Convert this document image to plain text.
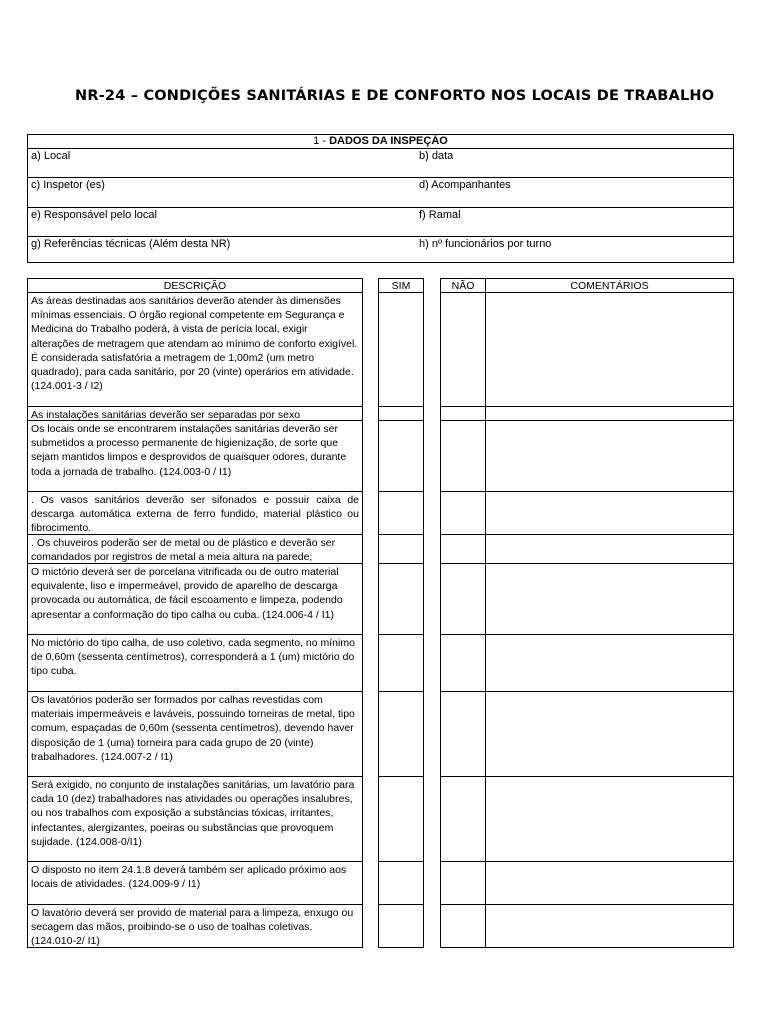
NR-24 – CONDIÇÕES SANITÁRIAS E DE CONFORTO NOS LOCAIS DE TRABALHO
1 - DADOS DA INSPEÇÃO
a) Local	b) data
c) Inspetor (es)	d) Acompanhantes
e) Responsável pelo local	f) Ramal
g) Referências técnicas (Além desta NR)	h) nº funcionários por turno
DESCRIÇÃO	SIM	NÃO	COMENTÁRIOS
As áreas destinadas aos sanitários deverão atender às dimensões mínimas essenciais. O órgão regional competente em Segurança e Medicina do Trabalho poderá, à vista de perícia local, exigir alterações de metragem que atendam ao mínimo de conforto exigível. É considerada satisfatória a metragem de 1,00m2 (um metro quadrado), para cada sanitário, por 20 (vinte) operários em atividade. (124.001-3 / I2)
As instalações sanitárias deverão ser separadas por sexo
Os locais onde se encontrarem instalações sanitárias deverão ser submetidos a processo permanente de higienização, de sorte que sejam mantidos limpos e desprovidos de quaisquer odores, durante toda a jornada de trabalho. (124.003-0 / I1)
. Os vasos sanitários deverão ser sifonados e possuir caixa de descarga automática externa de ferro fundido, material plástico ou fibrocimento.
. Os chuveiros poderão ser de metal ou de plástico e deverão ser comandados por registros de metal a meia altura na parede;
O mictório deverá ser de porcelana vitrificada ou de outro material equivalente, liso e impermeável, provido de aparelho de descarga provocada ou automática, de fácil escoamento e limpeza, podendo apresentar a conformação do tipo calha ou cuba. (124.006-4 / I1)
No mictório do tipo calha, de uso coletivo, cada segmento, no mínimo de 0,60m (sessenta centímetros), corresponderá a 1 (um) mictório do tipo cuba.
Os lavatórios poderão ser formados por calhas revestidas com materiais impermeáveis e laváveis, possuindo torneiras de metal, tipo comum, espaçadas de 0,60m (sessenta centímetros), devendo haver disposição de 1 (uma) torneira para cada grupo de 20 (vinte) trabalhadores. (124.007-2 / I1)
Será exigido, no conjunto de instalações sanitárias, um lavatório para cada 10 (dez) trabalhadores nas atividades ou operações insalubres, ou nos trabalhos com exposição a substâncias tóxicas, irritantes, infectantes, alergizantes, poeiras ou substâncias que provoquem sujidade. (124.008-0/I1)
O disposto no item 24.1.8 deverá também ser aplicado próximo aos locais de atividades. (124.009-9 / I1)
O lavatório deverá ser provido de material para a limpeza, enxugo ou secagem das mãos, proibindo-se o uso de toalhas coletivas. (124.010-2/ I1)
